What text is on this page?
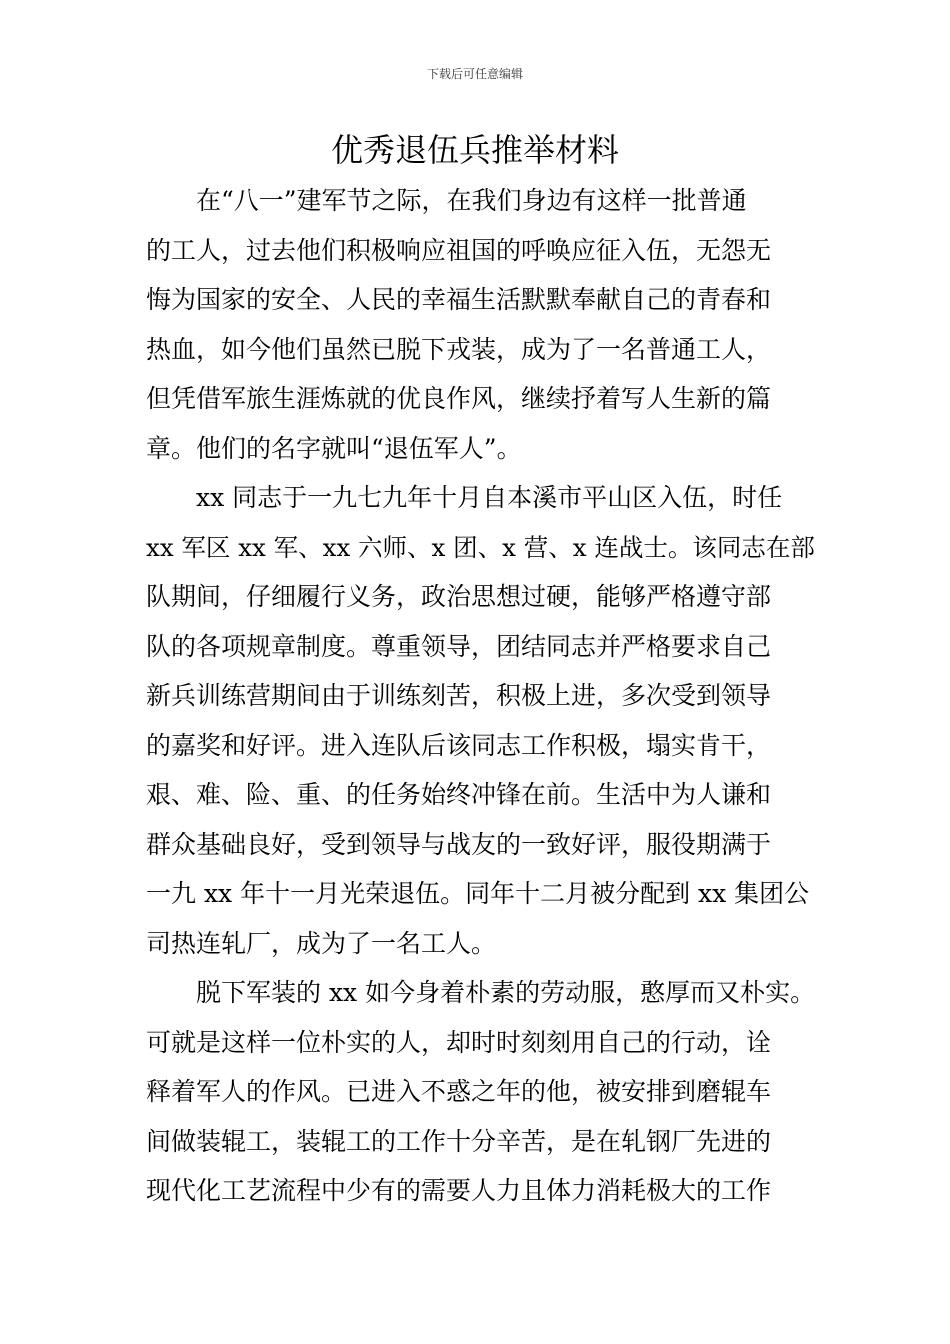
下载后可任意编辑
优秀退伍兵推举材料
在“八一”建军节之际，在我们身边有这样一批普通
的工人，过去他们积极响应祖国的呼唤应征入伍，无怨无
悔为国家的安全、人民的幸福生活默默奉献自己的青春和
热血，如今他们虽然已脱下戎装，成为了一名普通工人，
但凭借军旅生涯炼就的优良作风，继续抒着写人生新的篇
章。他们的名字就叫“退伍军人”。
xx 同志于一九七九年十月自本溪市平山区入伍，时任
xx 军区 xx 军、xx 六师、x 团、x 营、x 连战士。该同志在部
队期间，仔细履行义务，政治思想过硬，能够严格遵守部
队的各项规章制度。尊重领导，团结同志并严格要求自己
新兵训练营期间由于训练刻苦，积极上进，多次受到领导
的嘉奖和好评。进入连队后该同志工作积极，塌实肯干，
艰、难、险、重、的任务始终冲锋在前。生活中为人谦和
群众基础良好，受到领导与战友的一致好评，服役期满于
一九 xx 年十一月光荣退伍。同年十二月被分配到 xx 集团公
司热连轧厂，成为了一名工人。
脱下军装的 xx 如今身着朴素的劳动服，憨厚而又朴实。
可就是这样一位朴实的人，却时时刻刻用自己的行动，诠
释着军人的作风。已进入不惑之年的他，被安排到磨辊车
间做装辊工，装辊工的工作十分辛苦，是在轧钢厂先进的
现代化工艺流程中少有的需要人力且体力消耗极大的工作
